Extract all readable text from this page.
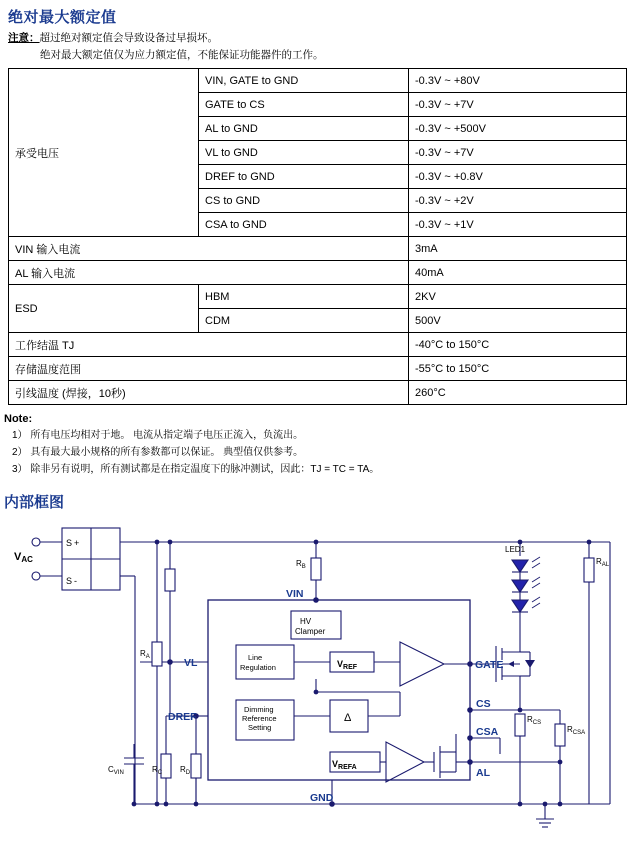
绝对最大额定值
注意：超过绝对额定值会导致设备过早损坏。
绝对最大额定值仅为应力额定值，不能保证功能器件的工作。
承受电压	VIN, GATE to GND	-0.3V ~ +80V
	GATE to CS	-0.3V ~ +7V
	AL to GND	-0.3V ~ +500V
	VL to GND	-0.3V ~ +7V
	DREF to GND	-0.3V ~ +0.8V
	CS to GND	-0.3V ~ +2V
	CSA to GND	-0.3V ~ +1V
VIN 输入电流		3mA
AL 输入电流		40mA
ESD	HBM	2KV
	CDM	500V
工作结温 TJ		-40°C to 150°C
存储温度范围		-55°C to 150°C
引线温度 (焊接，10秒)		260°C
Note:
1） 所有电压均相对于地。 电流从指定端子电压正流入，负流出。
2） 具有最大最小规格的所有参数都可以保证。 典型值仅供参考。
3） 除非另有说明，所有测试都是在指定温度下的脉冲测试，因此：TJ = TC = TA。
内部框图
VAC
+
-
S
S
VIN
HV
Clamper
VL	Line
Regulation	$V_{REF}$
Dimming
Reference
Setting
Δ
$V_{REFA}$
DREF
GND
GATE
CS
CSA
AL
LED1
$R_{AL}$
$R_B$
$R_A$
$R_C$ $R_D$
$R_{CS}$
$R_{CSA}$
$C_{VIN}$
